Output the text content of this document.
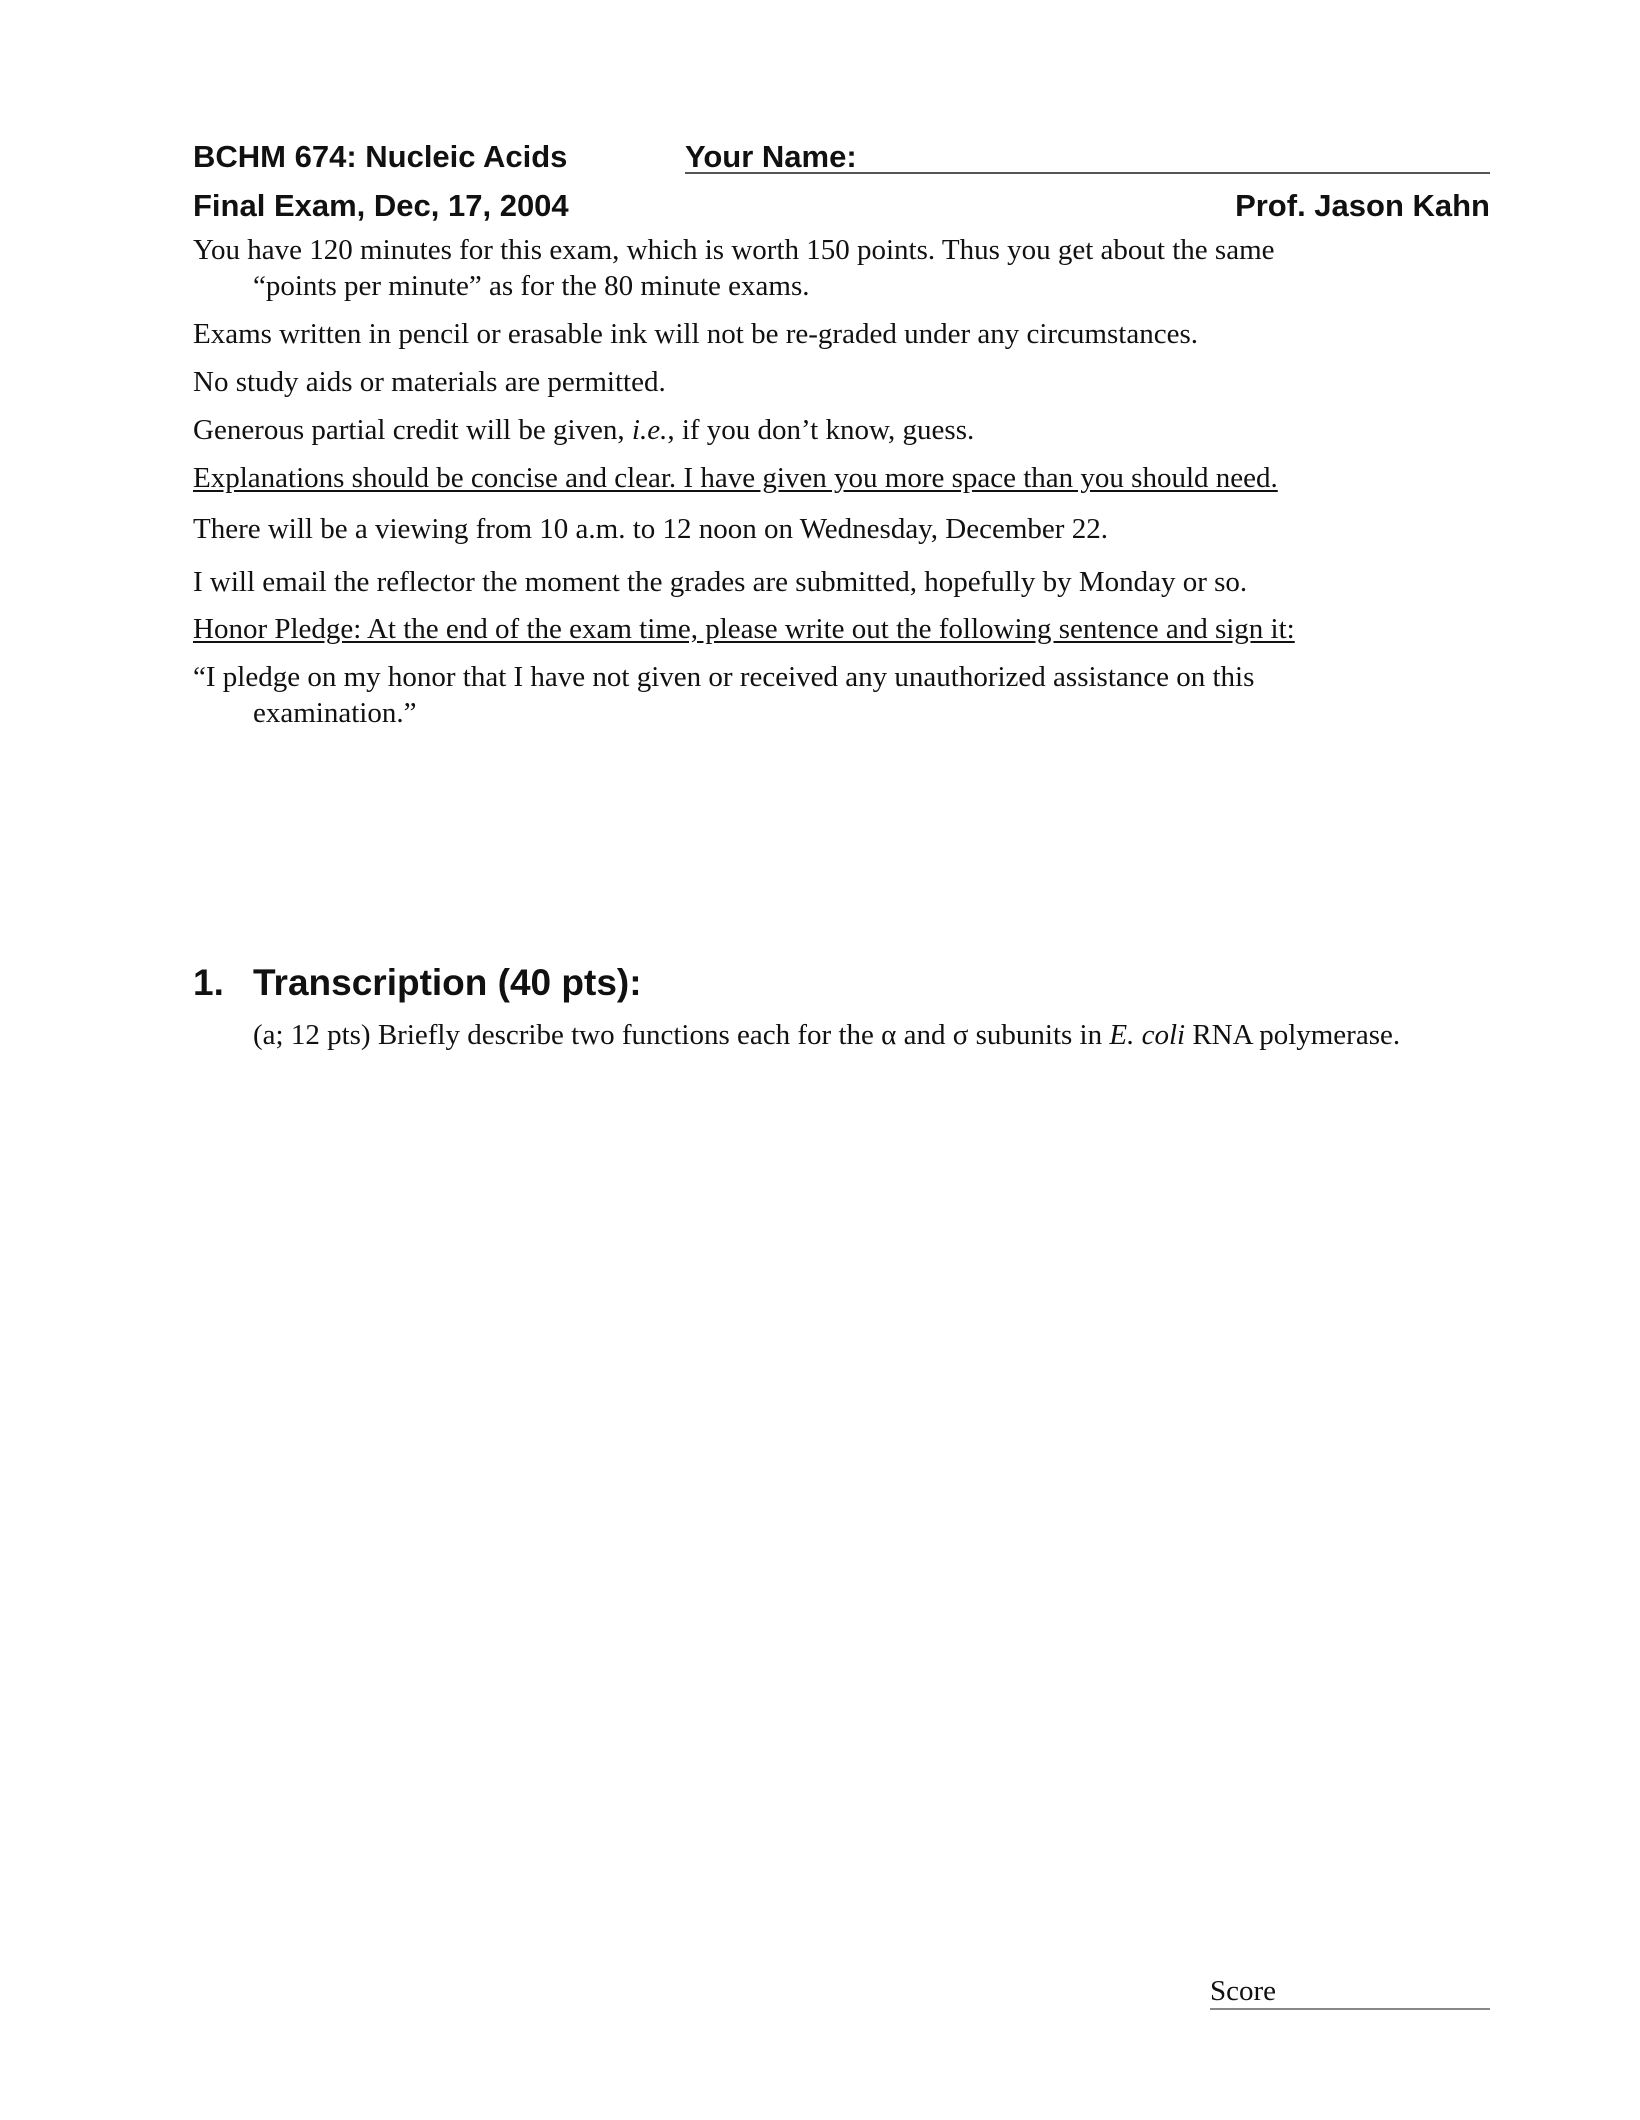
BCHM 674: Nucleic Acids	Your Name:
Final Exam, Dec, 17, 2004	Prof. Jason Kahn
You have 120 minutes for this exam, which is worth 150 points. Thus you get about the same
“points per minute” as for the 80 minute exams.
Exams written in pencil or erasable ink will not be re-graded under any circumstances.
No study aids or materials are permitted.
Generous partial credit will be given, i.e., if you don’t know, guess.
Explanations should be concise and clear. I have given you more space than you should need.
There will be a viewing from 10 a.m. to 12 noon on Wednesday, December 22.
I will email the reflector the moment the grades are submitted, hopefully by Monday or so.
Honor Pledge: At the end of the exam time, please write out the following sentence and sign it:
“I pledge on my honor that I have not given or received any unauthorized assistance on this
examination.”
1. Transcription (40 pts):
(a; 12 pts) Briefly describe two functions each for the α and σ subunits in E. coli RNA polymerase.
Score
